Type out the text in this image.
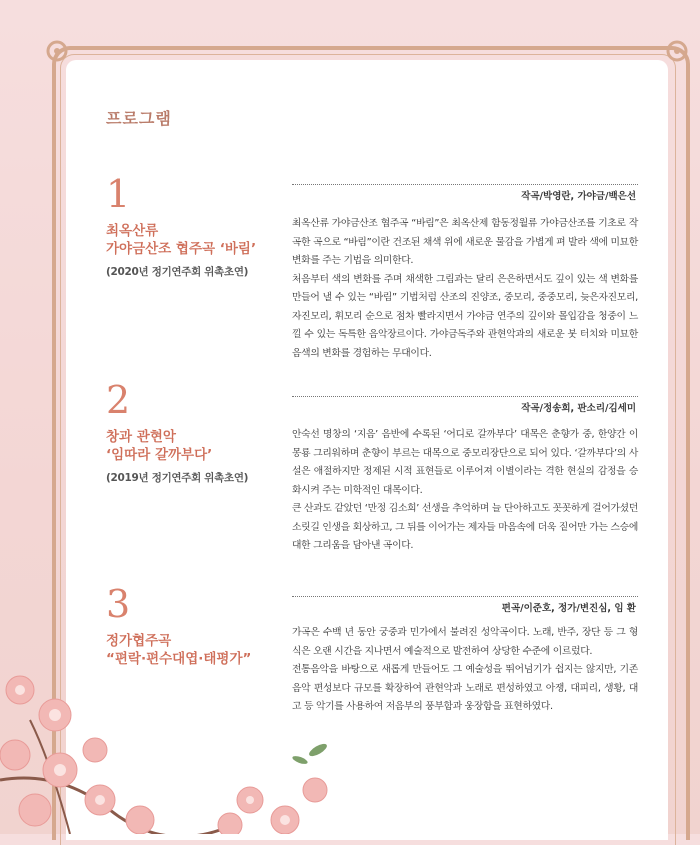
프로그램
1
최옥산류
가야금산조 협주곡 ‘바림’
(2020년 정기연주회 위촉초연)
작곡/박영란, 가야금/백은선

최옥산류 가야금산조 협주곡 “바림”은 최옥산제 함동정월류 가야금산조를 기초로 작곡한 곡으로 “바림”이란 건조된 채색 위에 새로운 물감을 가볍게 펴 발라 색에 미묘한 변화를 주는 기법을 의미한다.

처음부터 색의 변화를 주며 채색한 그림과는 달리 은은하면서도 깊이 있는 색 변화를 만들어 낼 수 있는 “바림” 기법처럼 산조의 진양조, 중모리, 중중모리, 늦은자진모리, 자진모리, 휘모리 순으로 점차 빨라지면서 가야금 연주의 깊이와 몰입감을 청중이 느낄 수 있는 독특한 음악장르이다. 가야금독주와 관현악과의 새로운 붓 터치와 미묘한 음색의 변화를 경험하는 무대이다.

2
창과 관현악
‘임따라 갈까부다’
(2019년 정기연주회 위촉초연)
작곡/정송희, 판소리/김세미

안숙선 명창의 ‘지음’ 음반에 수록된 ‘어디로 갈까부다’ 대목은 춘향가 중, 한양간 이몽룡 그리워하며 춘향이 부르는 대목으로 중모리장단으로 되어 있다. ‘갈까부다’의 사설은 애절하지만 정제된 시적 표현들로 이루어져 이별이라는 격한 현실의 감정을 승화시켜 주는 미학적인 대목이다.

큰 산과도 같았던 ‘만정 김소희’ 선생을 추억하며 늘 단아하고도 꼿꼿하게 걸어가셨던 소릿길 인생을 회상하고, 그 뒤를 이어가는 제자들 마음속에 더욱 짙어만 가는 스승에 대한 그리움을 담아낸 곡이다.

3
정가협주곡
“편락·편수대엽·태평가”
편곡/이준호, 정가/변진심, 임 환

가곡은 수백 년 동안 궁중과 민가에서 불려진 성악곡이다. 노래, 반주, 장단 등 그 형식은 오랜 시간을 지나면서 예술적으로 발전하여 상당한 수준에 이르렀다.

전통음악을 바탕으로 새롭게 만들어도 그 예술성을 뛰어넘기가 쉽지는 않지만, 기존 음악 편성보다 규모를 확장하여 관현악과 노래로 편성하였고 아쟁, 대피리, 생황, 대고 등 악기를 사용하여 저음부의 풍부함과 웅장함을 표현하였다.
